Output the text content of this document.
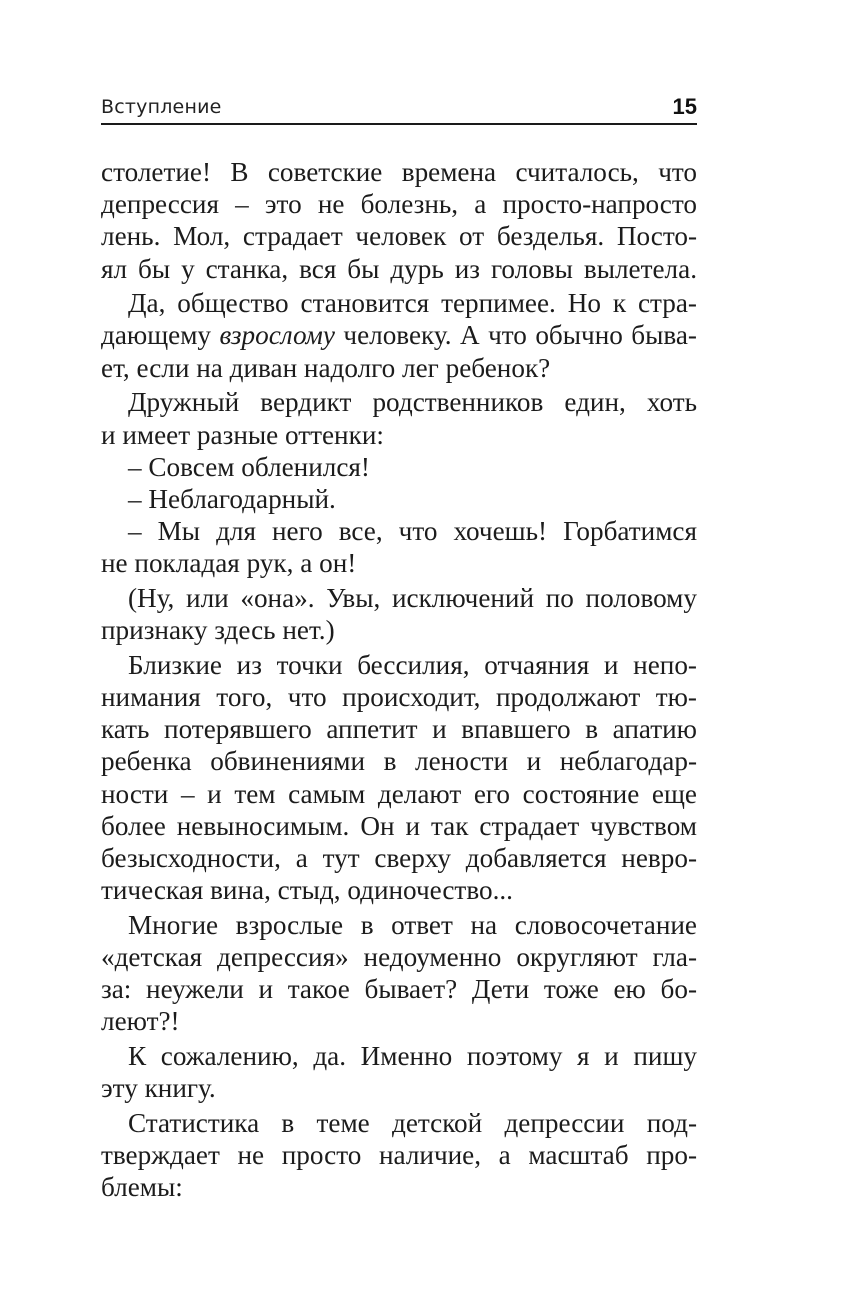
Вступление	15
столетие! В советские времена считалось, что
депрессия – это не болезнь, а просто-напросто
лень. Мол, страдает человек от безделья. Посто-
ял бы у станка, вся бы дурь из головы вылетела.
Да, общество становится терпимее. Но к стра-
дающему взрослому человеку. А что обычно быва-
ет, если на диван надолго лег ребенок?
Дружный вердикт родственников един, хоть
и имеет разные оттенки:
– Совсем обленился!
– Неблагодарный.
– Мы для него все, что хочешь! Горбатимся
не покладая рук, а он!
(Ну, или «она». Увы, исключений по половому
признаку здесь нет.)
Близкие из точки бессилия, отчаяния и непо-
нимания того, что происходит, продолжают тю-
кать потерявшего аппетит и впавшего в апатию
ребенка обвинениями в лености и неблагодар-
ности – и тем самым делают его состояние еще
более невыносимым. Он и так страдает чувством
безысходности, а тут сверху добавляется невро-
тическая вина, стыд, одиночество...
Многие взрослые в ответ на словосочетание
«детская депрессия» недоуменно округляют гла-
за: неужели и такое бывает? Дети тоже ею бо-
леют?!
К сожалению, да. Именно поэтому я и пишу
эту книгу.
Статистика в теме детской депрессии под-
тверждает не просто наличие, а масштаб про-
блемы:
